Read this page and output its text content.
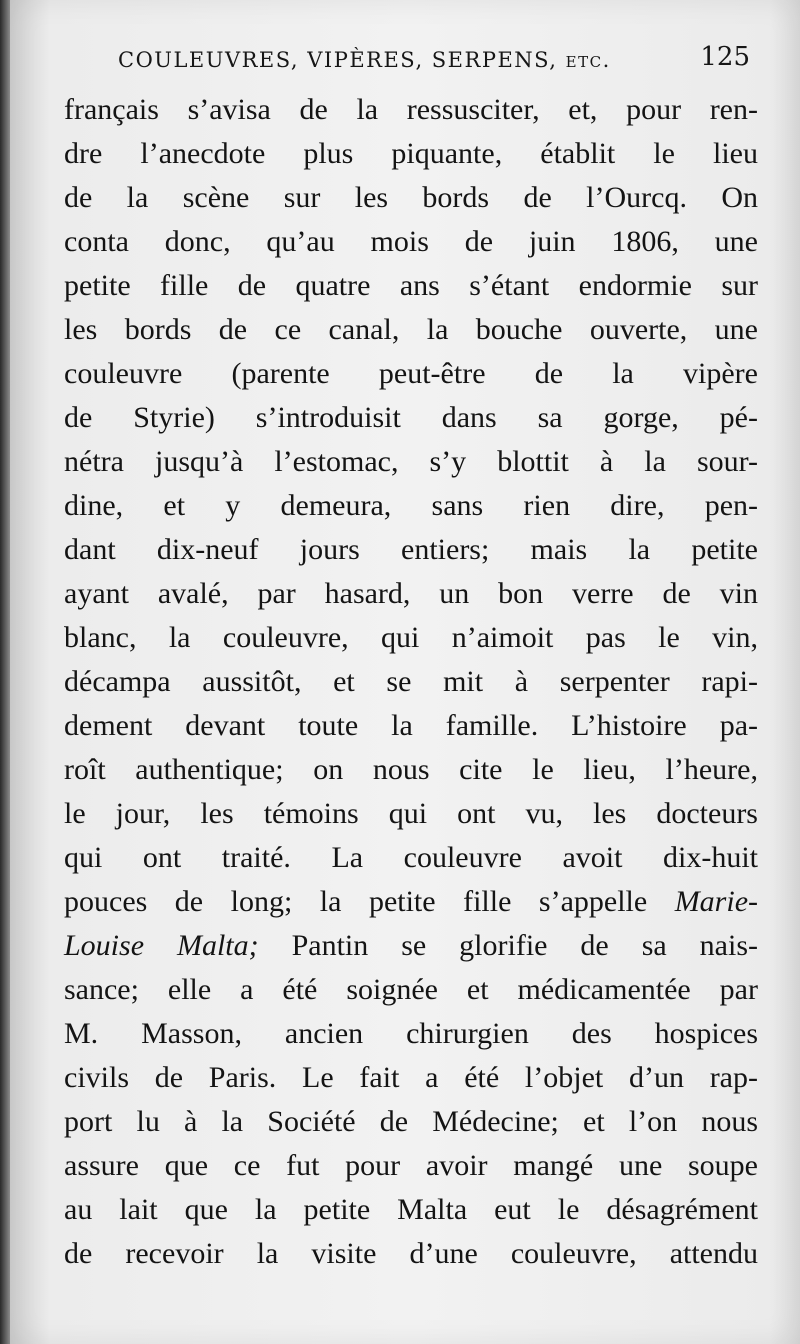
COULEUVRES, VIPÈRES, SERPENS, etc.	125
français s’avisa de la ressusciter, et, pour ren-
dre l’anecdote plus piquante, établit le lieu
de la scène sur les bords de l’Ourcq. On
conta donc, qu’au mois de juin 1806, une
petite fille de quatre ans s’étant endormie sur
les bords de ce canal, la bouche ouverte, une
couleuvre (parente peut-être de la vipère
de Styrie) s’introduisit dans sa gorge, pé-
nétra jusqu’à l’estomac, s’y blottit à la sour-
dine, et y demeura, sans rien dire, pen-
dant dix-neuf jours entiers; mais la petite
ayant avalé, par hasard, un bon verre de vin
blanc, la couleuvre, qui n’aimoit pas le vin,
décampa aussitôt, et se mit à serpenter rapi-
dement devant toute la famille. L’histoire pa-
roît authentique; on nous cite le lieu, l’heure,
le jour, les témoins qui ont vu, les docteurs
qui ont traité. La couleuvre avoit dix-huit
pouces de long; la petite fille s’appelle Marie-
Louise Malta; Pantin se glorifie de sa nais-
sance; elle a été soignée et médicamentée par
M. Masson, ancien chirurgien des hospices
civils de Paris. Le fait a été l’objet d’un rap-
port lu à la Société de Médecine; et l’on nous
assure que ce fut pour avoir mangé une soupe
au lait que la petite Malta eut le désagrément
de recevoir la visite d’une couleuvre, attendu
